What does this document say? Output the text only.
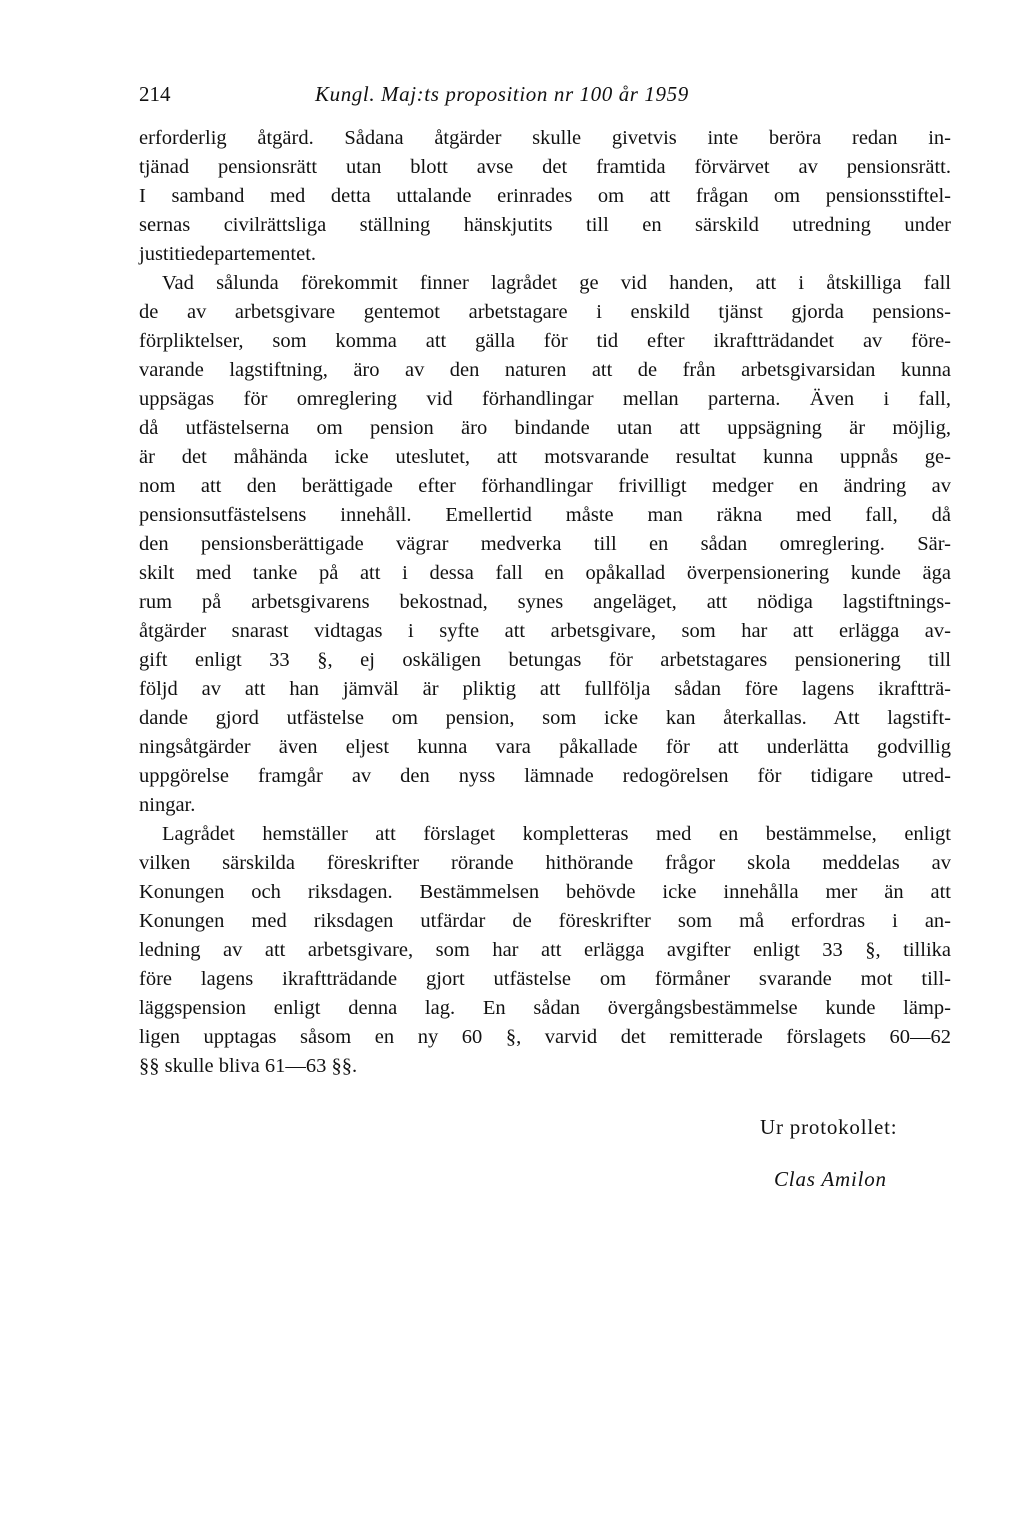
214	Kungl. Maj:ts proposition nr 100 år 1959
erforderlig åtgärd. Sådana åtgärder skulle givetvis inte beröra redan in-
tjänad pensionsrätt utan blott avse det framtida förvärvet av pensionsrätt.
I samband med detta uttalande erinrades om att frågan om pensionsstiftel-
sernas civilrättsliga ställning hänskjutits till en särskild utredning under
justitiedepartementet.
Vad sålunda förekommit finner lagrådet ge vid handen, att i åtskilliga fall
de av arbetsgivare gentemot arbetstagare i enskild tjänst gjorda pensions-
förpliktelser, som komma att gälla för tid efter ikraftträdandet av före-
varande lagstiftning, äro av den naturen att de från arbetsgivarsidan kunna
uppsägas för omreglering vid förhandlingar mellan parterna. Även i fall,
då utfästelserna om pension äro bindande utan att uppsägning är möjlig,
är det måhända icke uteslutet, att motsvarande resultat kunna uppnås ge-
nom att den berättigade efter förhandlingar frivilligt medger en ändring av
pensionsutfästelsens innehåll. Emellertid måste man räkna med fall, då
den pensionsberättigade vägrar medverka till en sådan omreglering. Sär-
skilt med tanke på att i dessa fall en opåkallad överpensionering kunde äga
rum på arbetsgivarens bekostnad, synes angeläget, att nödiga lagstiftnings-
åtgärder snarast vidtagas i syfte att arbetsgivare, som har att erlägga av-
gift enligt 33 §, ej oskäligen betungas för arbetstagares pensionering till
följd av att han jämväl är pliktig att fullfölja sådan före lagens ikraftträ-
dande gjord utfästelse om pension, som icke kan återkallas. Att lagstift-
ningsåtgärder även eljest kunna vara påkallade för att underlätta godvillig
uppgörelse framgår av den nyss lämnade redogörelsen för tidigare utred-
ningar.
Lagrådet hemställer att förslaget kompletteras med en bestämmelse, enligt
vilken särskilda föreskrifter rörande hithörande frågor skola meddelas av
Konungen och riksdagen. Bestämmelsen behövde icke innehålla mer än att
Konungen med riksdagen utfärdar de föreskrifter som må erfordras i an-
ledning av att arbetsgivare, som har att erlägga avgifter enligt 33 §, tillika
före lagens ikraftträdande gjort utfästelse om förmåner svarande mot till-
läggspension enligt denna lag. En sådan övergångsbestämmelse kunde lämp-
ligen upptagas såsom en ny 60 §, varvid det remitterade förslagets 60—62
§§ skulle bliva 61—63 §§.
Ur protokollet:
Clas Amilon
